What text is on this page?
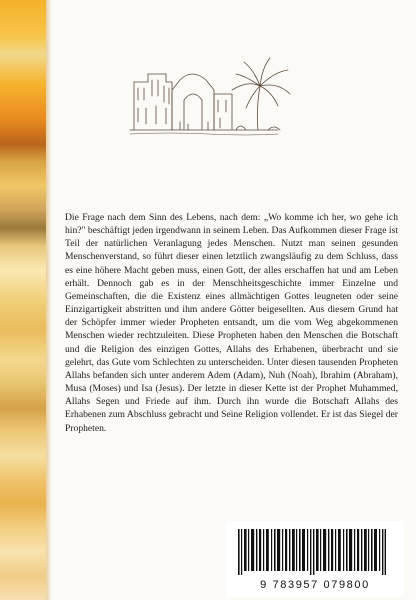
Die Frage nach dem Sinn des Lebens, nach dem: „Wo komme ich her, wo gehe ich hin?" beschäftigt jeden irgendwann in seinem Leben. Das Aufkommen dieser Frage ist Teil der natürlichen Veranlagung jedes Menschen. Nutzt man seinen gesunden Menschenverstand, so führt dieser einen letztlich zwangsläufig zu dem Schluss, dass es eine höhere Macht geben muss, einen Gott, der alles erschaffen hat und am Leben erhält. Dennoch gab es in der Menschheitsgeschichte immer Einzelne und Gemeinschaften, die die Existenz eines allmächtigen Gottes leugneten oder seine Einzigartigkeit abstritten und ihm andere Götter beigesellten. Aus diesem Grund hat der Schöpfer immer wieder Propheten entsandt, um die vom Weg abgekommenen Menschen wieder rechtzuleiten. Diese Propheten haben den Menschen die Botschaft und die Religion des einzigen Gottes, Allahs des Erhabenen, überbracht und sie gelehrt, das Gute vom Schlechten zu unterscheiden. Unter diesen tausenden Propheten Allahs befanden sich unter anderem Adem (Adam), Nuh (Noah), Ibrahim (Abraham), Musa (Moses) und Isa (Jesus). Der letzte in dieser Kette ist der Prophet Muhammed, Allahs Segen und Friede auf ihm. Durch ihn wurde die Botschaft Allahs des Erhabenen zum Abschluss gebracht und Seine Religion vollendet. Er ist das Siegel der Propheten.

9 783957 079800
